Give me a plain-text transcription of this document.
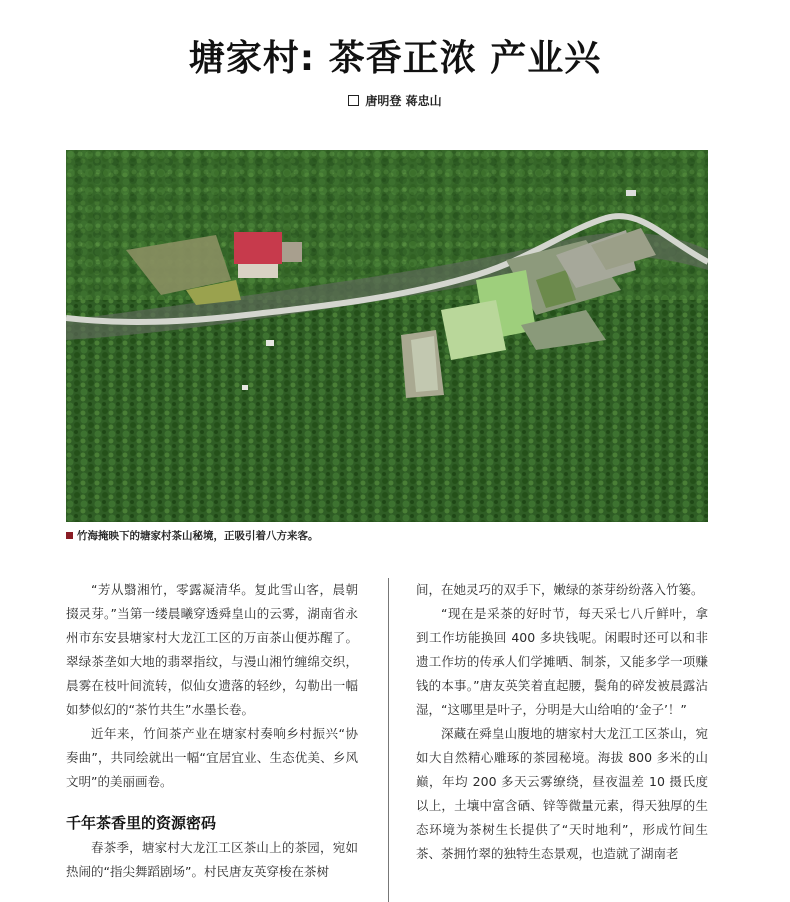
塘家村: 茶香正浓 产业兴
唐明登 蒋忠山
竹海掩映下的塘家村茶山秘境，正吸引着八方来客。

“芳从翳湘竹，零露凝清华。复此雪山客，晨朝掇灵芽。”当第一缕晨曦穿透舜皇山的云雾，湖南省永州市东安县塘家村大龙江工区的万亩茶山便苏醒了。翠绿茶垄如大地的翡翠指纹，与漫山湘竹缠绵交织，晨雾在枝叶间流转，似仙女遗落的轻纱，勾勒出一幅如梦似幻的“茶竹共生”水墨长卷。

近年来，竹间茶产业在塘家村奏响乡村振兴“协奏曲”，共同绘就出一幅“宜居宜业、生态优美、乡风文明”的美丽画卷。

千年茶香里的资源密码

春茶季，塘家村大龙江工区茶山上的茶园，宛如热闹的“指尖舞蹈剧场”。村民唐友英穿梭在茶树

间，在她灵巧的双手下，嫩绿的茶芽纷纷落入竹篓。

“现在是采茶的好时节，每天采七八斤鲜叶，拿到工作坊能换回 400 多块钱呢。闲暇时还可以和非遗工作坊的传承人们学摊晒、制茶，又能多学一项赚钱的本事。”唐友英笑着直起腰，鬓角的碎发被晨露沾湿，“这哪里是叶子，分明是大山给咱的‘金子’！”

深藏在舜皇山腹地的塘家村大龙江工区茶山，宛如大自然精心雕琢的茶园秘境。海拔 800 多米的山巅，年均 200 多天云雾缭绕，昼夜温差 10 摄氏度以上，土壤中富含硒、锌等微量元素，得天独厚的生态环境为茶树生长提供了“天时地利”，形成竹间生茶、茶拥竹翠的独特生态景观，也造就了湖南老
